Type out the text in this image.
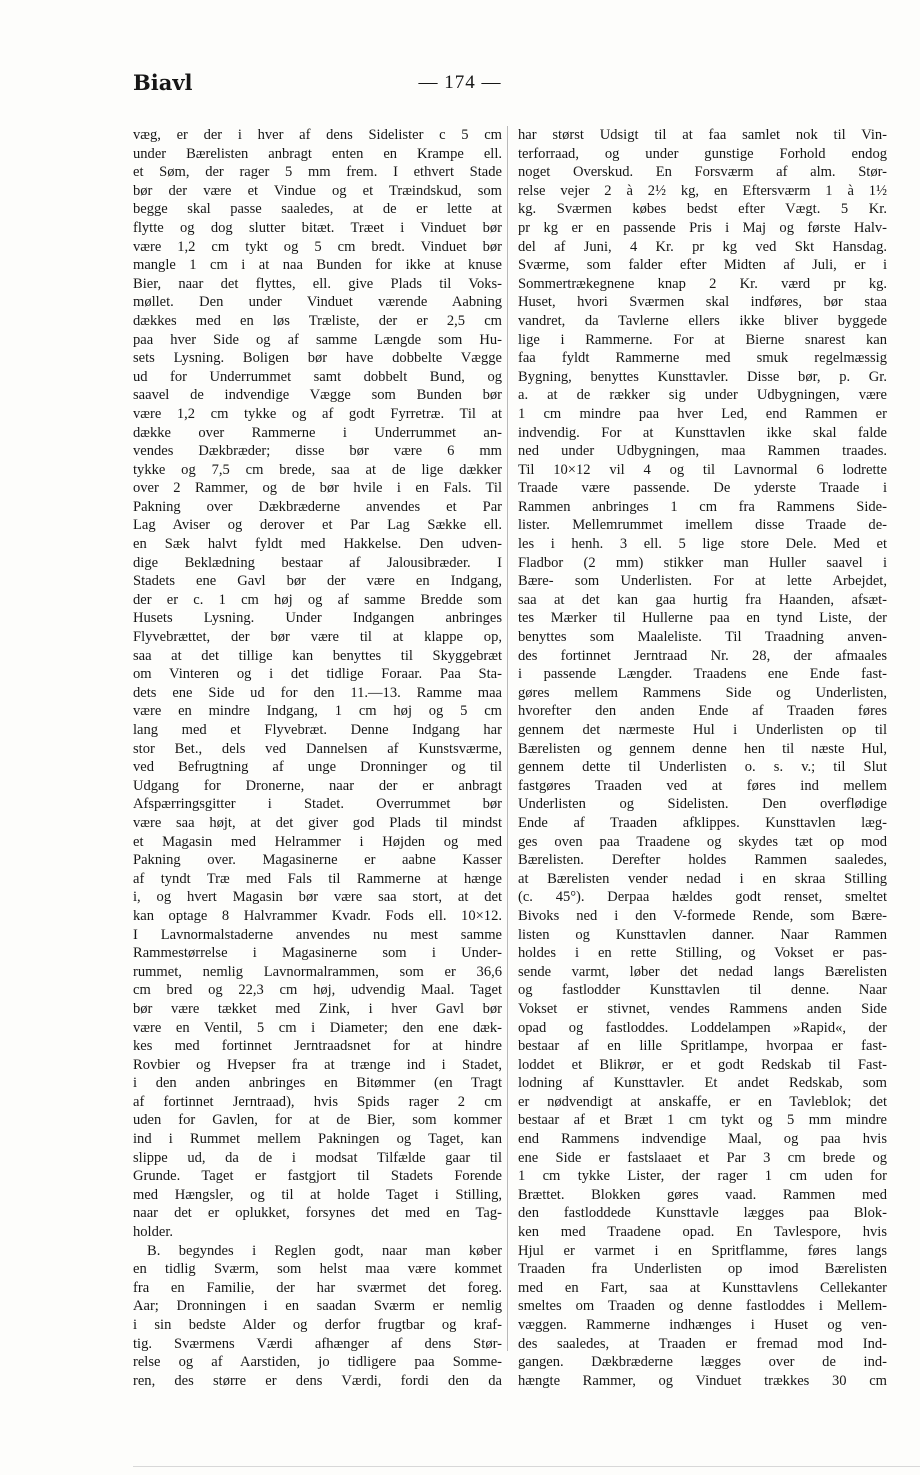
Biavl	— 174 —
væg, er der i hver af dens Sidelister c 5 cm
under Bærelisten anbragt enten en Krampe ell.
et Søm, der rager 5 mm frem. I ethvert Stade
bør der være et Vindue og et Træindskud, som
begge skal passe saaledes, at de er lette at
flytte og dog slutter bitæt. Træet i Vinduet bør
være 1,2 cm tykt og 5 cm bredt. Vinduet bør
mangle 1 cm i at naa Bunden for ikke at knuse
Bier, naar det flyttes, ell. give Plads til Voks-
møllet. Den under Vinduet værende Aabning
dækkes med en løs Træliste, der er 2,5 cm
paa hver Side og af samme Længde som Hu-
sets Lysning. Boligen bør have dobbelte Vægge
ud for Underrummet samt dobbelt Bund, og
saavel de indvendige Vægge som Bunden bør
være 1,2 cm tykke og af godt Fyrretræ. Til at
dække over Rammerne i Underrummet an-
vendes Dækbræder; disse bør være 6 mm
tykke og 7,5 cm brede, saa at de lige dækker
over 2 Rammer, og de bør hvile i en Fals. Til
Pakning over Dækbræderne anvendes et Par
Lag Aviser og derover et Par Lag Sække ell.
en Sæk halvt fyldt med Hakkelse. Den udven-
dige Beklædning bestaar af Jalousibræder. I
Stadets ene Gavl bør der være en Indgang,
der er c. 1 cm høj og af samme Bredde som
Husets Lysning. Under Indgangen anbringes
Flyvebrættet, der bør være til at klappe op,
saa at det tillige kan benyttes til Skyggebræt
om Vinteren og i det tidlige Foraar. Paa Sta-
dets ene Side ud for den 11.—13. Ramme maa
være en mindre Indgang, 1 cm høj og 5 cm
lang med et Flyvebræt. Denne Indgang har
stor Bet., dels ved Dannelsen af Kunstsværme,
ved Befrugtning af unge Dronninger og til
Udgang for Dronerne, naar der er anbragt
Afspærringsgitter i Stadet. Overrummet bør
være saa højt, at det giver god Plads til mindst
et Magasin med Helrammer i Højden og med
Pakning over. Magasinerne er aabne Kasser
af tyndt Træ med Fals til Rammerne at hænge
i, og hvert Magasin bør være saa stort, at det
kan optage 8 Halvrammer Kvadr. Fods ell. 10×12.
I Lavnormalstaderne anvendes nu mest samme
Rammestørrelse i Magasinerne som i Under-
rummet, nemlig Lavnormalrammen, som er 36,6
cm bred og 22,3 cm høj, udvendig Maal. Taget
bør være tækket med Zink, i hver Gavl bør
være en Ventil, 5 cm i Diameter; den ene dæk-
kes med fortinnet Jerntraadsnet for at hindre
Rovbier og Hvepser fra at trænge ind i Stadet,
i den anden anbringes en Bitømmer (en Tragt
af fortinnet Jerntraad), hvis Spids rager 2 cm
uden for Gavlen, for at de Bier, som kommer
ind i Rummet mellem Pakningen og Taget, kan
slippe ud, da de i modsat Tilfælde gaar til
Grunde. Taget er fastgjort til Stadets Forende
med Hængsler, og til at holde Taget i Stilling,
naar det er oplukket, forsynes det med en Tag-
holder.
B. begyndes i Reglen godt, naar man køber
en tidlig Sværm, som helst maa være kommet
fra en Familie, der har sværmet det foreg.
Aar; Dronningen i en saadan Sværm er nemlig
i sin bedste Alder og derfor frugtbar og kraf-
tig. Sværmens Værdi afhænger af dens Stør-
relse og af Aarstiden, jo tidligere paa Somme-
ren, des større er dens Værdi, fordi den da
har størst Udsigt til at faa samlet nok til Vin-
terforraad, og under gunstige Forhold endog
noget Overskud. En Forsværm af alm. Stør-
relse vejer 2 à 2½ kg, en Eftersværm 1 à 1½
kg. Sværmen købes bedst efter Vægt. 5 Kr.
pr kg er en passende Pris i Maj og første Halv-
del af Juni, 4 Kr. pr kg ved Skt Hansdag.
Sværme, som falder efter Midten af Juli, er i
Sommertrækegnene knap 2 Kr. værd pr kg.
Huset, hvori Sværmen skal indføres, bør staa
vandret, da Tavlerne ellers ikke bliver byggede
lige i Rammerne. For at Bierne snarest kan
faa fyldt Rammerne med smuk regelmæssig
Bygning, benyttes Kunsttavler. Disse bør, p. Gr.
a. at de rækker sig under Udbygningen, være
1 cm mindre paa hver Led, end Rammen er
indvendig. For at Kunsttavlen ikke skal falde
ned under Udbygningen, maa Rammen traades.
Til 10×12 vil 4 og til Lavnormal 6 lodrette
Traade være passende. De yderste Traade i
Rammen anbringes 1 cm fra Rammens Side-
lister. Mellemrummet imellem disse Traade de-
les i henh. 3 ell. 5 lige store Dele. Med et
Fladbor (2 mm) stikker man Huller saavel i
Bære- som Underlisten. For at lette Arbejdet,
saa at det kan gaa hurtig fra Haanden, afsæt-
tes Mærker til Hullerne paa en tynd Liste, der
benyttes som Maaleliste. Til Traadning anven-
des fortinnet Jerntraad Nr. 28, der afmaales
i passende Længder. Traadens ene Ende fast-
gøres mellem Rammens Side og Underlisten,
hvorefter den anden Ende af Traaden føres
gennem det nærmeste Hul i Underlisten op til
Bærelisten og gennem denne hen til næste Hul,
gennem dette til Underlisten o. s. v.; til Slut
fastgøres Traaden ved at føres ind mellem
Underlisten og Sidelisten. Den overflødige
Ende af Traaden afklippes. Kunsttavlen læg-
ges oven paa Traadene og skydes tæt op mod
Bærelisten. Derefter holdes Rammen saaledes,
at Bærelisten vender nedad i en skraa Stilling
(c. 45°). Derpaa hældes godt renset, smeltet
Bivoks ned i den V-formede Rende, som Bære-
listen og Kunsttavlen danner. Naar Rammen
holdes i en rette Stilling, og Vokset er pas-
sende varmt, løber det nedad langs Bærelisten
og fastlodder Kunsttavlen til denne. Naar
Vokset er stivnet, vendes Rammens anden Side
opad og fastloddes. Loddelampen »Rapid«, der
bestaar af en lille Spritlampe, hvorpaa er fast-
loddet et Blikrør, er et godt Redskab til Fast-
lodning af Kunsttavler. Et andet Redskab, som
er nødvendigt at anskaffe, er en Tavleblok; det
bestaar af et Bræt 1 cm tykt og 5 mm mindre
end Rammens indvendige Maal, og paa hvis
ene Side er fastslaaet et Par 3 cm brede og
1 cm tykke Lister, der rager 1 cm uden for
Brættet. Blokken gøres vaad. Rammen med
den fastloddede Kunsttavle lægges paa Blok-
ken med Traadene opad. En Tavlespore, hvis
Hjul er varmet i en Spritflamme, føres langs
Traaden fra Underlisten op imod Bærelisten
med en Fart, saa at Kunsttavlens Cellekanter
smeltes om Traaden og denne fastloddes i Mellem-
væggen. Rammerne indhænges i Huset og ven-
des saaledes, at Traaden er fremad mod Ind-
gangen. Dækbræderne lægges over de ind-
hængte Rammer, og Vinduet trækkes 30 cm
